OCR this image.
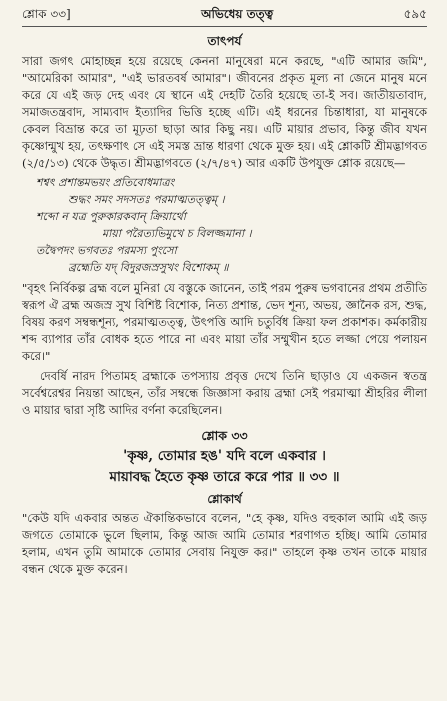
শ্লোক ৩৩]	অভিধেয় তত্ত্ব	৫৯৫
তাৎপর্য

সারা জগৎ মোহাচ্ছন্ন হয়ে রয়েছে কেননা মানুষেরা মনে করছে, "এটি আমার জমি", "আমেরিকা আমার", "এই ভারতবর্ষ আমার"। জীবনের প্রকৃত মূল্য না জেনে মানুষ মনে করে যে এই জড় দেহ এবং যে স্থানে এই দেহটি তৈরি হয়েছে তা-ই সব। জাতীয়তাবাদ, সমাজতন্ত্রবাদ, সাম্যবাদ ইত্যাদির ভিত্তি হচ্ছে এটি। এই ধরনের চিন্তাধারা, যা মানুষকে কেবল বিভ্রান্ত করে তা মূঢ়তা ছাড়া আর কিছু নয়। এটি মায়ার প্রভাব, কিন্তু জীব যখন কৃষ্ণোন্মুখ হয়, তৎক্ষণাৎ সে এই সমস্ত ভ্রান্ত ধারণা থেকে মুক্ত হয়। এই শ্লোকটি শ্রীমদ্ভাগবত (২/৫/১৩) থেকে উদ্ধৃত। শ্রীমদ্ভাগবতে (২/৭/৪৭) আর একটি উপযুক্ত শ্লোক রয়েছে—

শশ্বৎ প্রশান্তমভয়ং প্রতিবোধমাত্রং
শুদ্ধং সমং সদসতঃ পরমাত্মতত্ত্বম্ ।
শব্দো ন যত্র পুরুকারকবান্ ক্রিয়ার্থো
মায়া পরৈত্যভিমুখে চ বিলজ্জমানা ।
তদ্বৈপদং ভগবতঃ পরমস্য পুংসো
ব্রহ্মেতি যদ্ বিদুরজস্রসুখং বিশোকম্ ॥

"বৃহৎ নির্বিকল্প ব্রহ্ম বলে মুনিরা যে বস্তুকে জানেন, তাই পরম পুরুষ ভগবানের প্রথম প্রতীতি স্বরূপ ঐ ব্রহ্ম অজস্র সুখ বিশিষ্ট বিশোক, নিত্য প্রশান্ত, ভেদ শূন্য, অভয়, জ্ঞানৈক রস, শুদ্ধ, বিষয় করণ সম্বন্ধশূন্য, পরমাত্মতত্ত্ব, উৎপত্তি আদি চতুর্বিধ ক্রিয়া ফল প্রকাশক। কর্মকারীয় শব্দ ব্যাপার তাঁর বোধক হতে পারে না এবং মায়া তাঁর সম্মুখীন হতে লজ্জা পেয়ে পলায়ন করে।"

দেবর্ষি নারদ পিতামহ ব্রহ্মাকে তপস্যায় প্রবৃত্ত দেখে তিনি ছাড়াও যে একজন স্বতন্ত্র সর্বেশ্বরেশ্বর নিয়ন্তা আছেন, তাঁর সম্বন্ধে জিজ্ঞাসা করায় ব্রহ্মা সেই পরমাত্মা শ্রীহরির লীলা ও মায়ার দ্বারা সৃষ্টি আদির বর্ণনা করেছিলেন।

শ্লোক ৩৩
'কৃষ্ণ, তোমার হঙ' যদি বলে একবার ।
মায়াবদ্ধ হৈতে কৃষ্ণ তারে করে পার ॥ ৩৩ ॥
শ্লোকার্থ

"কেউ যদি একবার অন্তত ঐকান্তিকভাবে বলেন, "হে কৃষ্ণ, যদিও বহুকাল আমি এই জড় জগতে তোমাকে ভুলে ছিলাম, কিন্তু আজ আমি তোমার শরণাগত হচ্ছি। আমি তোমার হলাম, এখন তুমি আমাকে তোমার সেবায় নিযুক্ত কর।" তাহলে কৃষ্ণ তখন তাকে মায়ার বন্ধন থেকে মুক্ত করেন।
